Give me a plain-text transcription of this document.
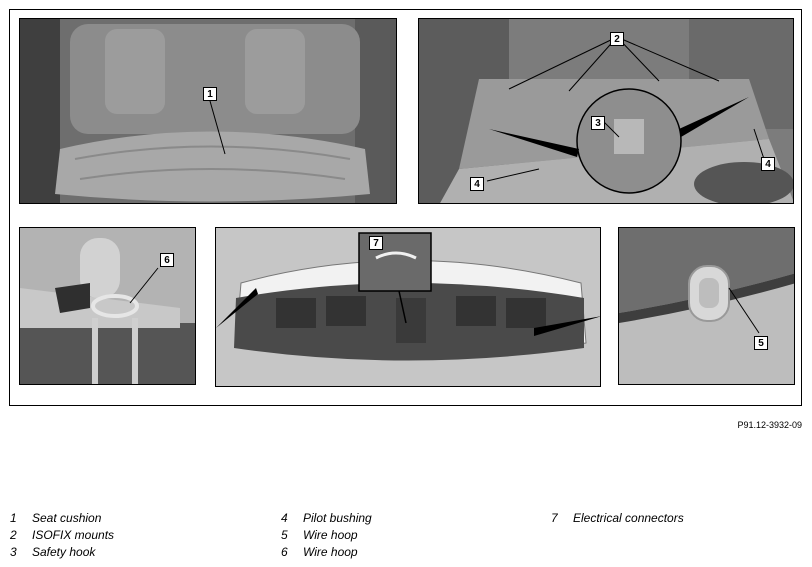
1
2
3
4
4
6
7
5
P91.12-3932-09
1 Seat cushion
2 ISOFIX mounts
3 Safety hook
4 Pilot bushing
5 Wire hoop
6 Wire hoop
7 Electrical connectors
